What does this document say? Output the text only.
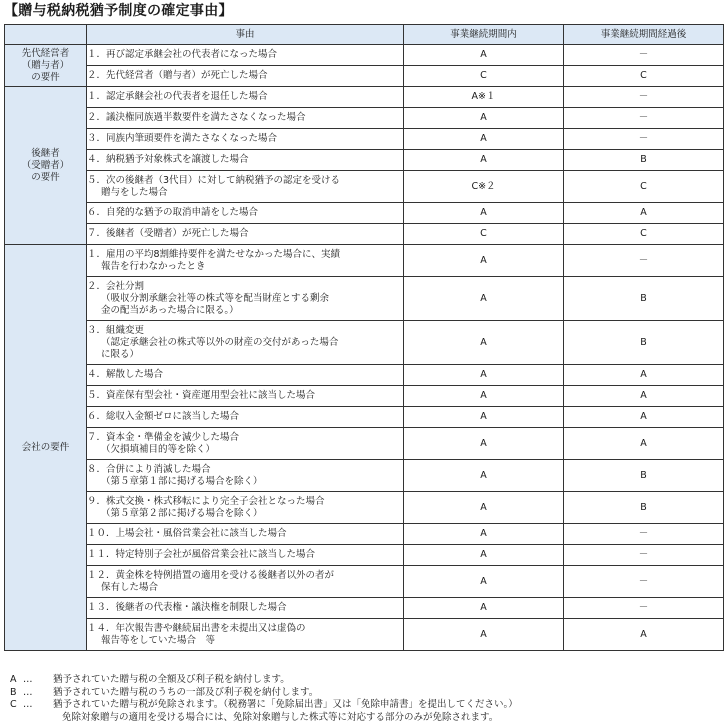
【贈与税納税猶予制度の確定事由】
	事由	事業継続期間内	事業継続期間経過後
先代経営者
（贈与者）
の要件	１．再び認定承継会社の代表者になった場合	A	－

	２．先代経営者（贈与者）が死亡した場合	C	C
後継者
（受贈者）
の要件	１．認定承継会社の代表者を退任した場合	A※１	－

	２．議決権同族過半数要件を満たさなくなった場合	A	－

	３．同族内筆頭要件を満たさなくなった場合	A	－

	４．納税猶予対象株式を譲渡した場合	A	B

	５．次の後継者（3代目）に対して納税猶予の認定を受ける
贈与をした場合	C※２	C

	６．自発的な猶予の取消申請をした場合	A	A

	７．後継者（受贈者）が死亡した場合	C	C
会社の要件	１．雇用の平均8割維持要件を満たせなかった場合に、実績
報告を行わなかったとき	A	－

	２．会社分割
（吸収分割承継会社等の株式等を配当財産とする剰余
金の配当があった場合に限る。）	A	B

	３．組織変更
（認定承継会社の株式等以外の財産の交付があった場合
に限る）	A	B

	４．解散した場合	A	A

	５．資産保有型会社・資産運用型会社に該当した場合	A	A

	６．総収入金額ゼロに該当した場合	A	A

	７．資本金・準備金を減少した場合
（欠損填補目的等を除く）	A	A

	８．合併により消滅した場合
（第５章第１部に掲げる場合を除く）	A	B

	９．株式交換・株式移転により完全子会社となった場合
（第５章第２部に掲げる場合を除く）	A	B

	１０．上場会社・風俗営業会社に該当した場合	A	－

	１１．特定特別子会社が風俗営業会社に該当した場合	A	－

	１２．黄金株を特例措置の適用を受ける後継者以外の者が
保有した場合	A	－

	１３．後継者の代表権・議決権を制限した場合	A	－

	１４．年次報告書や継続届出書を未提出又は虚偽の
報告等をしていた場合　等	A	A
A …	猶予されていた贈与税の全額及び利子税を納付します。
B …	猶予されていた贈与税のうちの一部及び利子税を納付します。
C …	猶予されていた贈与税が免除されます。（税務署に「免除届出書」又は「免除申請書」を提出してください。）
免除対象贈与の適用を受ける場合には、免除対象贈与した株式等に対応する部分のみが免除されます。
